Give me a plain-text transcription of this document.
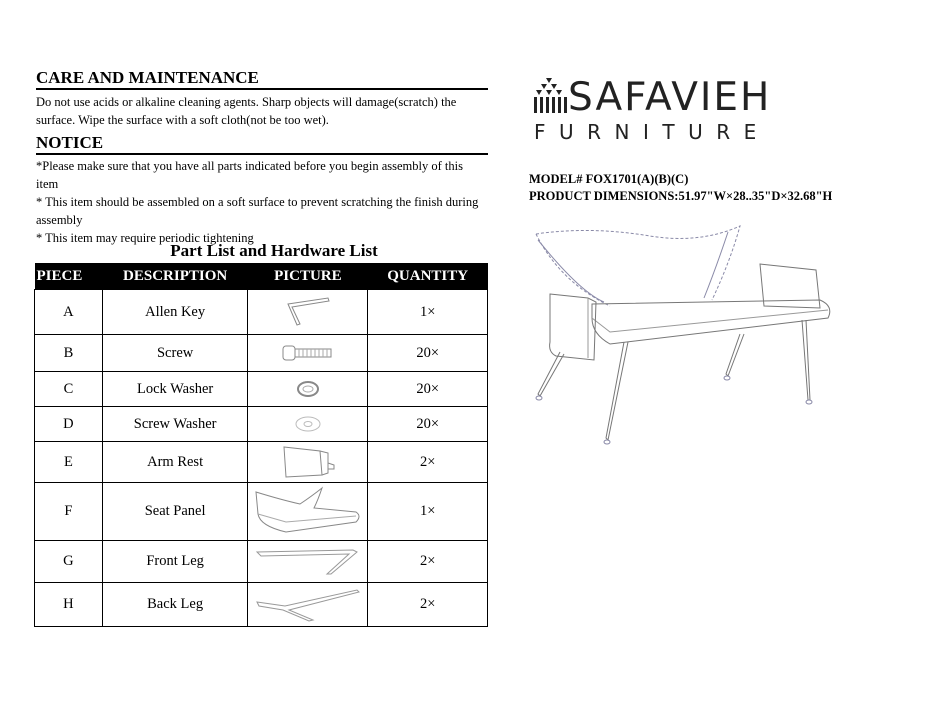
CARE AND MAINTENANCE
Do not use acids or alkaline cleaning agents. Sharp objects will damage(scratch) the
surface. Wipe the surface with a soft cloth(not be too wet).
NOTICE
*Please make sure that you have all parts indicated before you begin assembly of this
item
* This item should be assembled on a soft surface to prevent scratching the finish during
assembly
* This item may require periodic tightening
Part List and Hardware List
PIECE	DESCRIPTION	PICTURE	QUANTITY
A	Allen Key		1×
B	Screw		20×
C	Lock Washer		20×
D	Screw Washer		20×
E	Arm Rest		2×
F	Seat Panel		1×
G	Front Leg		2×
H	Back Leg		2×
SAFAVIEH
FURNITURE
MODEL# FOX1701(A)(B)(C)
PRODUCT DIMENSIONS:51.97"W×28..35"D×32.68"H
